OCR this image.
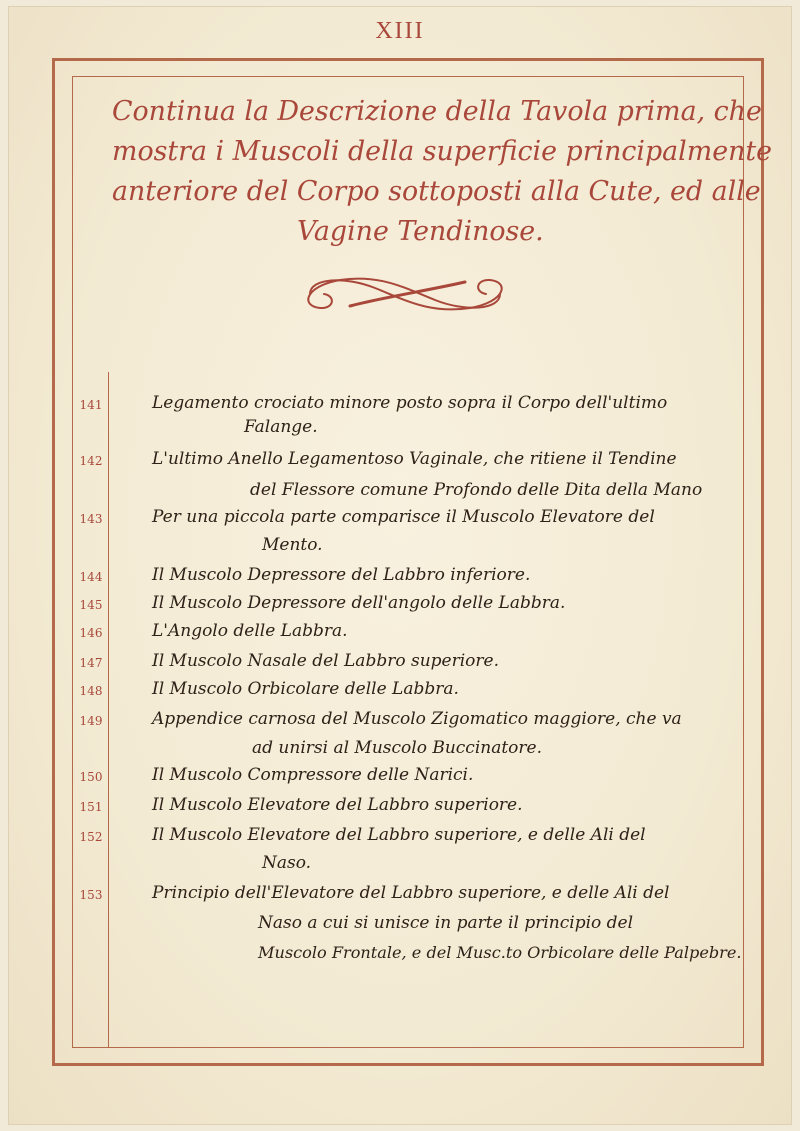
XIII
Continua la Descrizione della Tavola prima, che
mostra i Muscoli della superficie principalmente
anteriore del Corpo sottoposti alla Cute, ed alle
Vagine Tendinose.
141	Legamento crociato minore posto sopra il Corpo dell'ultimo
Falange.
142	L'ultimo Anello Legamentoso Vaginale, che ritiene il Tendine
del Flessore comune Profondo delle Dita della Mano
143	Per una piccola parte comparisce il Muscolo Elevatore del
Mento.
144	Il Muscolo Depressore del Labbro inferiore.
145	Il Muscolo Depressore dell'angolo delle Labbra.
146	L'Angolo delle Labbra.
147	Il Muscolo Nasale del Labbro superiore.
148	Il Muscolo Orbicolare delle Labbra.
149	Appendice carnosa del Muscolo Zigomatico maggiore, che va
ad unirsi al Muscolo Buccinatore.
150	Il Muscolo Compressore delle Narici.
151	Il Muscolo Elevatore del Labbro superiore.
152	Il Muscolo Elevatore del Labbro superiore, e delle Ali del
Naso.
153	Principio dell'Elevatore del Labbro superiore, e delle Ali del
Naso a cui si unisce in parte il principio del
Muscolo Frontale, e del Musc.to Orbicolare delle Palpebre.
